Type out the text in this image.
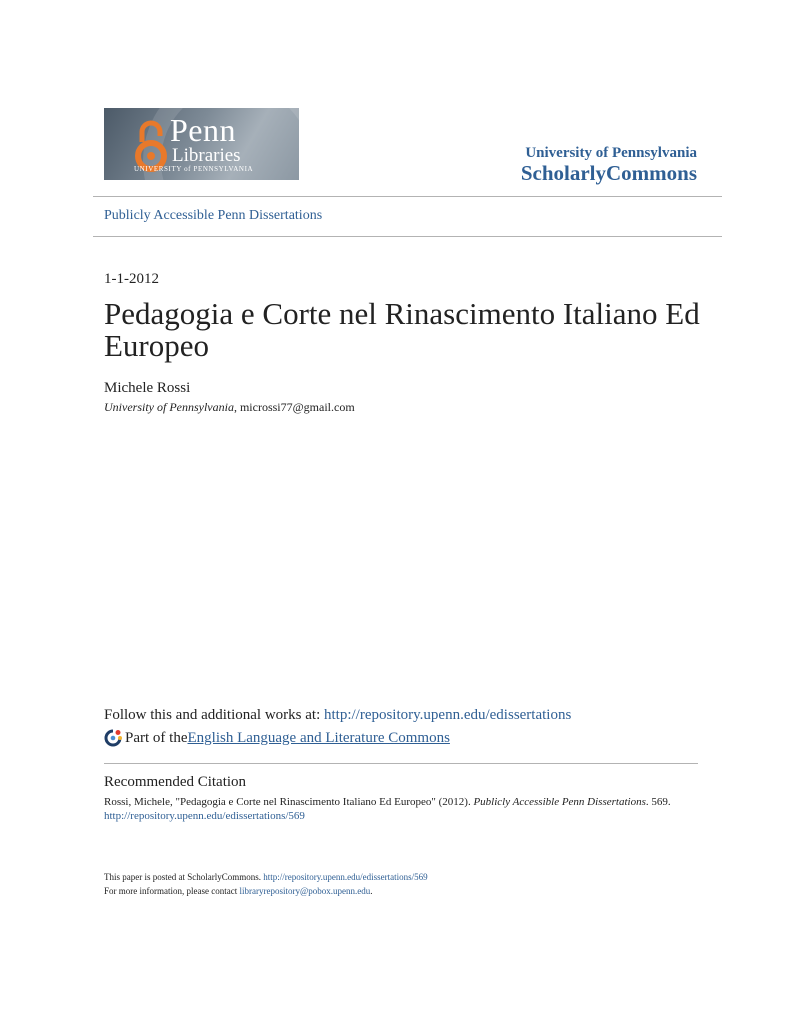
Penn
Libraries
UNIVERSITY of PENNSYLVANIA
University of Pennsylvania
ScholarlyCommons
Publicly Accessible Penn Dissertations
1-1-2012
Pedagogia e Corte nel Rinascimento Italiano Ed Europeo
Michele Rossi
University of Pennsylvania, microssi77@gmail.com
Follow this and additional works at: http://repository.upenn.edu/edissertations
Part of the English Language and Literature Commons
Recommended Citation
Rossi, Michele, "Pedagogia e Corte nel Rinascimento Italiano Ed Europeo" (2012). Publicly Accessible Penn Dissertations. 569.
http://repository.upenn.edu/edissertations/569
This paper is posted at ScholarlyCommons. http://repository.upenn.edu/edissertations/569
For more information, please contact libraryrepository@pobox.upenn.edu.
